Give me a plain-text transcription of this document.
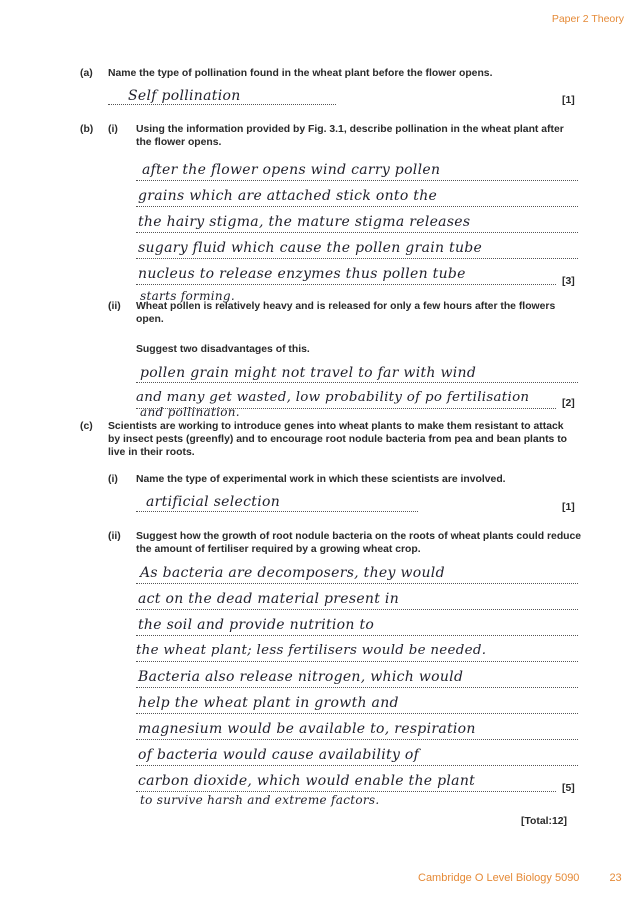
Paper 2 Theory
(a) Name the type of pollination found in the wheat plant before the flower opens.
Self pollination	[1]
(b) (i) Using the information provided by Fig. 3.1, describe pollination in the wheat plant after
the flower opens.
after the flower opens wind carry pollen
grains which are attached stick onto the
the hairy stigma, the mature stigma releases
sugary fluid which cause the pollen grain tube
nucleus to release enzymes thus pollen tube
starts forming.
[3]
(ii) Wheat pollen is relatively heavy and is released for only a few hours after the flowers
open.
Suggest two disadvantages of this.
pollen grain might not travel to far with wind
and many get wasted, low probability of po fertilisation
and pollination.
[2]
(c) Scientists are working to introduce genes into wheat plants to make them resistant to attack
by insect pests (greenfly) and to encourage root nodule bacteria from pea and bean plants to
live in their roots.
(i) Name the type of experimental work in which these scientists are involved.
artificial selection	[1]
(ii) Suggest how the growth of root nodule bacteria on the roots of wheat plants could reduce
the amount of fertiliser required by a growing wheat crop.
As bacteria are decomposers, they would
act on the dead material present in
the soil and provide nutrition to
the wheat plant; less fertilisers would be needed.
Bacteria also release nitrogen, which would
help the wheat plant in growth and
magnesium would be available to, respiration
of bacteria would cause availability of
carbon dioxide, which would enable the plant
to survive harsh and extreme factors.
[5]
[Total:12]
Cambridge O Level Biology 5090	23
